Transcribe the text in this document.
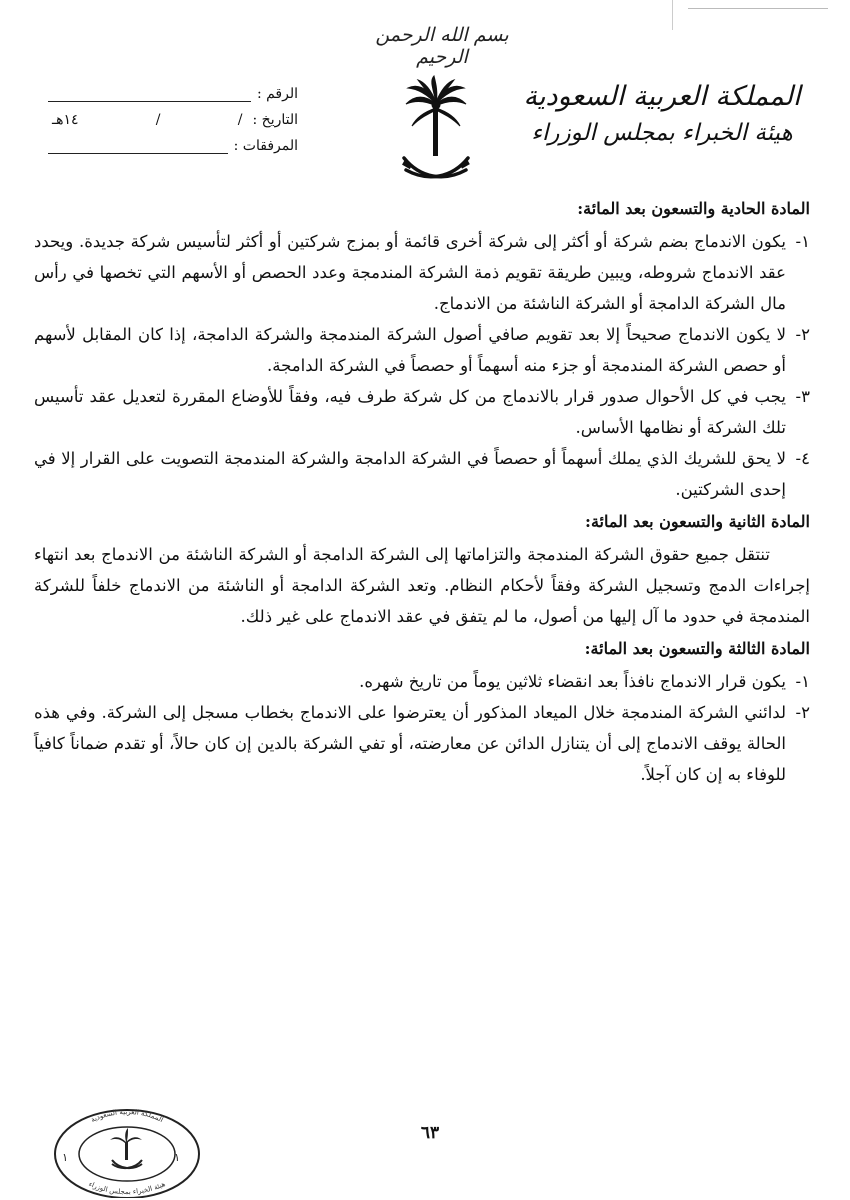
بسم الله الرحمن الرحيم
المملكة العربية السعودية
هيئة الخبراء بمجلس الوزراء
الرقم :
التاريخ :
/
/
١٤هـ
المرفقات :

المادة الحادية والتسعون بعد المائة:

١-
يكون الاندماج بضم شركة أو أكثر إلى شركة أخرى قائمة أو بمزج شركتين أو أكثر لتأسيس شركة جديدة. ويحدد عقد الاندماج شروطه، ويبين طريقة تقويم ذمة الشركة المندمجة وعدد الحصص أو الأسهم التي تخصها في رأس مال الشركة الدامجة أو الشركة الناشئة من الاندماج.
٢-
لا يكون الاندماج صحيحاً إلا بعد تقويم صافي أصول الشركة المندمجة والشركة الدامجة، إذا كان المقابل لأسهم أو حصص الشركة المندمجة أو جزء منه أسهماً أو حصصاً في الشركة الدامجة.
٣-
يجب في كل الأحوال صدور قرار بالاندماج من كل شركة طرف فيه، وفقاً للأوضاع المقررة لتعديل عقد تأسيس تلك الشركة أو نظامها الأساس.
٤-
لا يحق للشريك الذي يملك أسهماً أو حصصاً في الشركة الدامجة والشركة المندمجة التصويت على القرار إلا في إحدى الشركتين.

المادة الثانية والتسعون بعد المائة:

تنتقل جميع حقوق الشركة المندمجة والتزاماتها إلى الشركة الدامجة أو الشركة الناشئة من الاندماج بعد انتهاء إجراءات الدمج وتسجيل الشركة وفقاً لأحكام النظام. وتعد الشركة الدامجة أو الناشئة من الاندماج خلفاً للشركة المندمجة في حدود ما آل إليها من أصول، ما لم يتفق في عقد الاندماج على غير ذلك.

المادة الثالثة والتسعون بعد المائة:

١-
يكون قرار الاندماج نافذاً بعد انقضاء ثلاثين يوماً من تاريخ شهره.
٢-
لدائني الشركة المندمجة خلال الميعاد المذكور أن يعترضوا على الاندماج بخطاب مسجل إلى الشركة. وفي هذه الحالة يوقف الاندماج إلى أن يتنازل الدائن عن معارضته، أو تفي الشركة بالدين إن كان حالاً، أو تقدم ضماناً كافياً للوفاء به إن كان آجلاً.
٦٣
المملكة العربية السعودية
هيئة الخبراء بمجلس الوزراء
١	١
